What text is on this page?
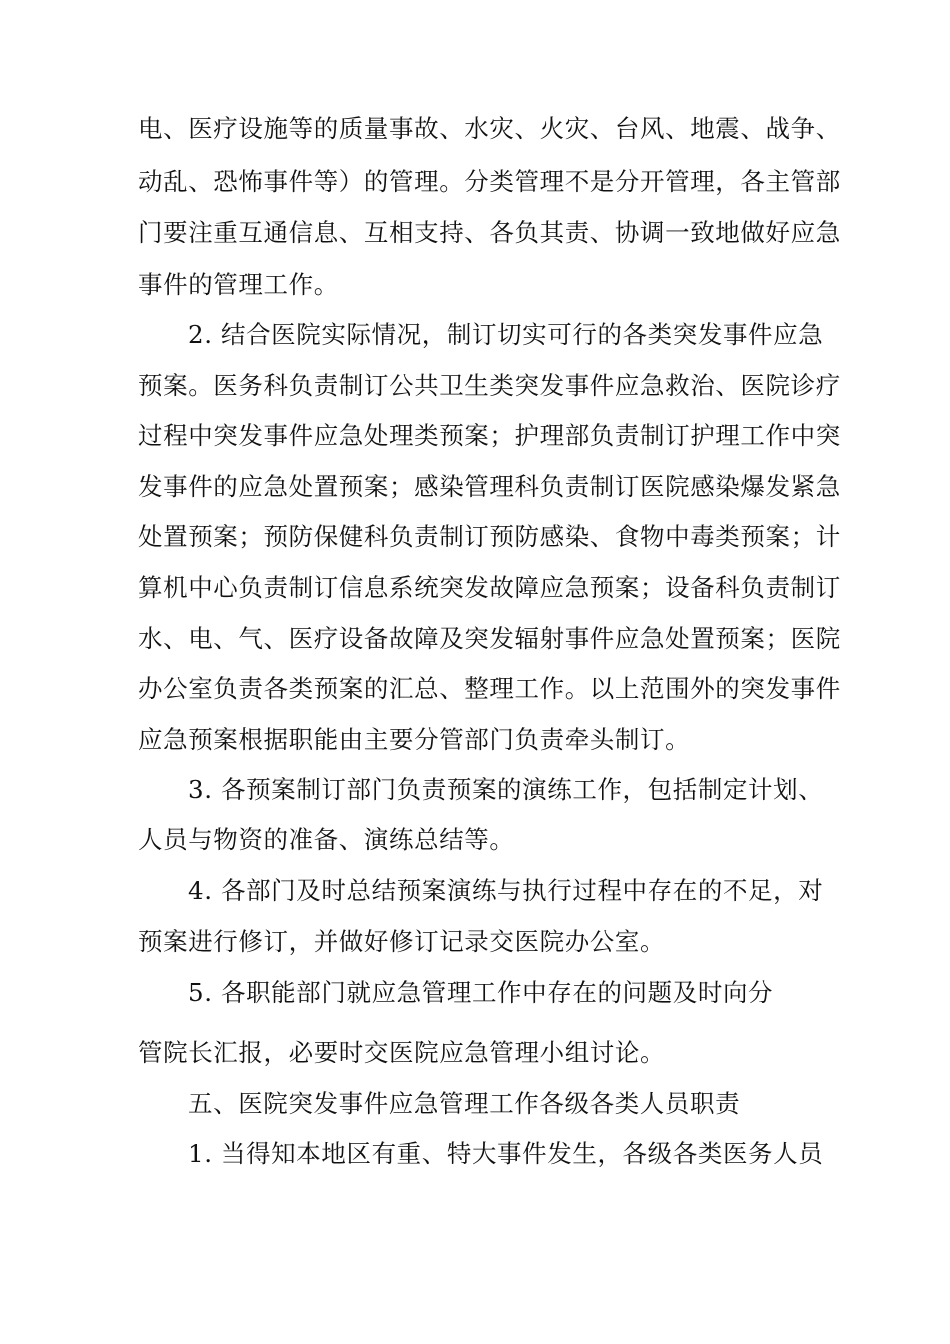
电、医疗设施等的质量事故、水灾、火灾、台风、地震、战争、
动乱、恐怖事件等）的管理。分类管理不是分开管理，各主管部
门要注重互通信息、互相支持、各负其责、协调一致地做好应急
事件的管理工作。
2. 结合医院实际情况，制订切实可行的各类突发事件应急
预案。医务科负责制订公共卫生类突发事件应急救治、医院诊疗
过程中突发事件应急处理类预案；护理部负责制订护理工作中突
发事件的应急处置预案；感染管理科负责制订医院感染爆发紧急
处置预案；预防保健科负责制订预防感染、食物中毒类预案；计
算机中心负责制订信息系统突发故障应急预案；设备科负责制订
水、电、气、医疗设备故障及突发辐射事件应急处置预案；医院
办公室负责各类预案的汇总、整理工作。以上范围外的突发事件
应急预案根据职能由主要分管部门负责牵头制订。
3. 各预案制订部门负责预案的演练工作，包括制定计划、
人员与物资的准备、演练总结等。
4. 各部门及时总结预案演练与执行过程中存在的不足，对
预案进行修订，并做好修订记录交医院办公室。
5. 各职能部门就应急管理工作中存在的问题及时向分
管院长汇报，必要时交医院应急管理小组讨论。
五、医院突发事件应急管理工作各级各类人员职责
1. 当得知本地区有重、特大事件发生，各级各类医务人员
